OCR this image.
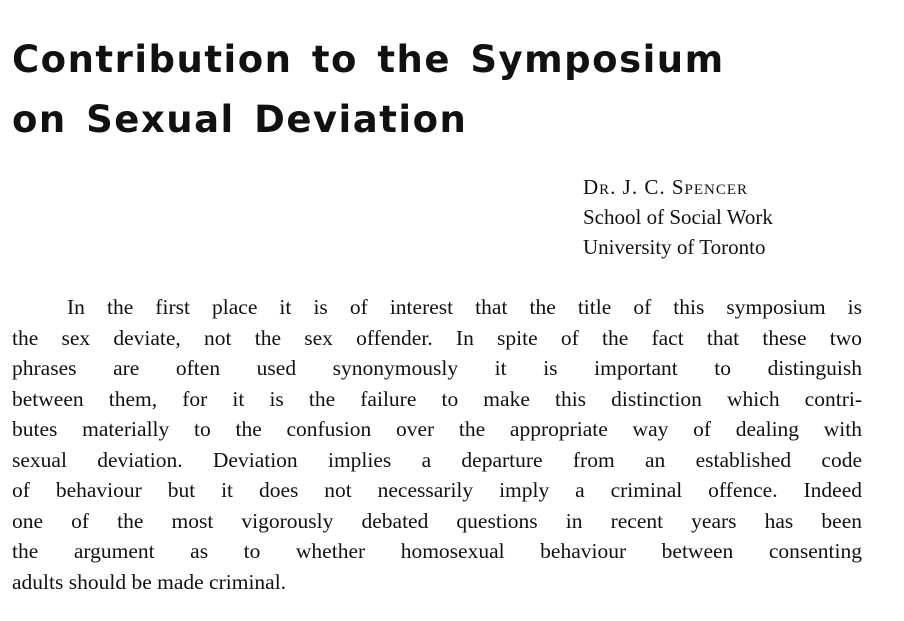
Contribution to the Symposium
on Sexual Deviation
Dr. J. C. Spencer
School of Social Work
University of Toronto

In the first place it is of interest that the title of this symposium is
the sex deviate, not the sex offender. In spite of the fact that these two
phrases are often used synonymously it is important to distinguish
between them, for it is the failure to make this distinction which contri-
butes materially to the confusion over the appropriate way of dealing with
sexual deviation. Deviation implies a departure from an established code
of behaviour but it does not necessarily imply a criminal offence. Indeed
one of the most vigorously debated questions in recent years has been
the argument as to whether homosexual behaviour between consenting
adults should be made criminal.
